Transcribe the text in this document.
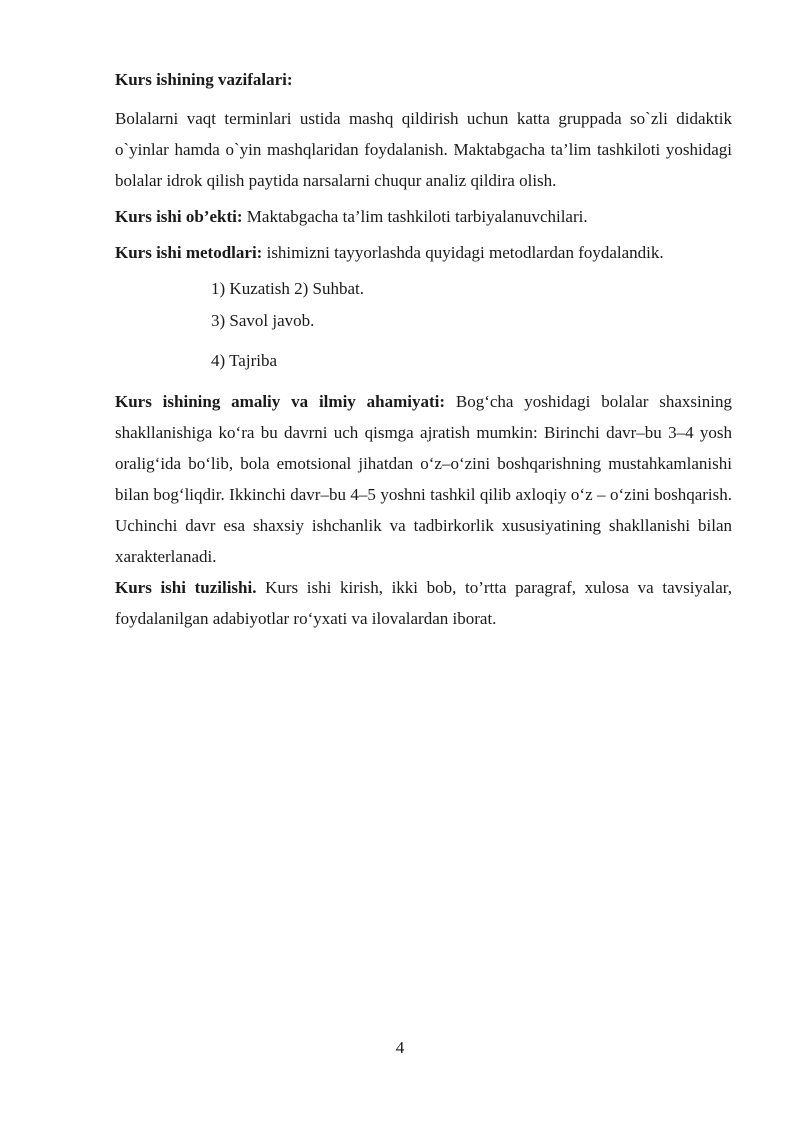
Kurs ishining vazifalari:

Bolalarni vaqt terminlari ustida mashq qildirish uchun katta gruppada so`zli didaktik o`yinlar hamda o`yin mashqlaridan foydalanish. Maktabgacha ta’lim tashkiloti yoshidagi bolalar idrok qilish paytida narsalarni chuqur analiz qildira olish.

Kurs ishi ob’ekti: Maktabgacha ta’lim tashkiloti tarbiyalanuvchilari.

Kurs ishi metodlari: ishimizni tayyorlashda quyidagi metodlardan foydalandik.

1) Kuzatish 2) Suhbat.
3) Savol javob.
4) Tajriba

Kurs ishining amaliy va ilmiy ahamiyati: Bog‘cha yoshidagi bolalar shaxsining shakllanishiga ko‘ra bu davrni uch qismga ajratish mumkin: Birinchi davr–bu 3–4 yosh oralig‘ida bo‘lib, bola emotsional jihatdan o‘z–o‘zini boshqarishning mustahkamlanishi bilan bog‘liqdir. Ikkinchi davr–bu 4–5 yoshni tashkil qilib axloqiy o‘z – o‘zini boshqarish. Uchinchi davr esa shaxsiy ishchanlik va tadbirkorlik xususiyatining shakllanishi bilan xarakterlanadi.

Kurs ishi tuzilishi. Kurs ishi kirish, ikki bob, to’rtta paragraf, xulosa va tavsiyalar, foydalanilgan adabiyotlar ro‘yxati va ilovalardan iborat.

4
